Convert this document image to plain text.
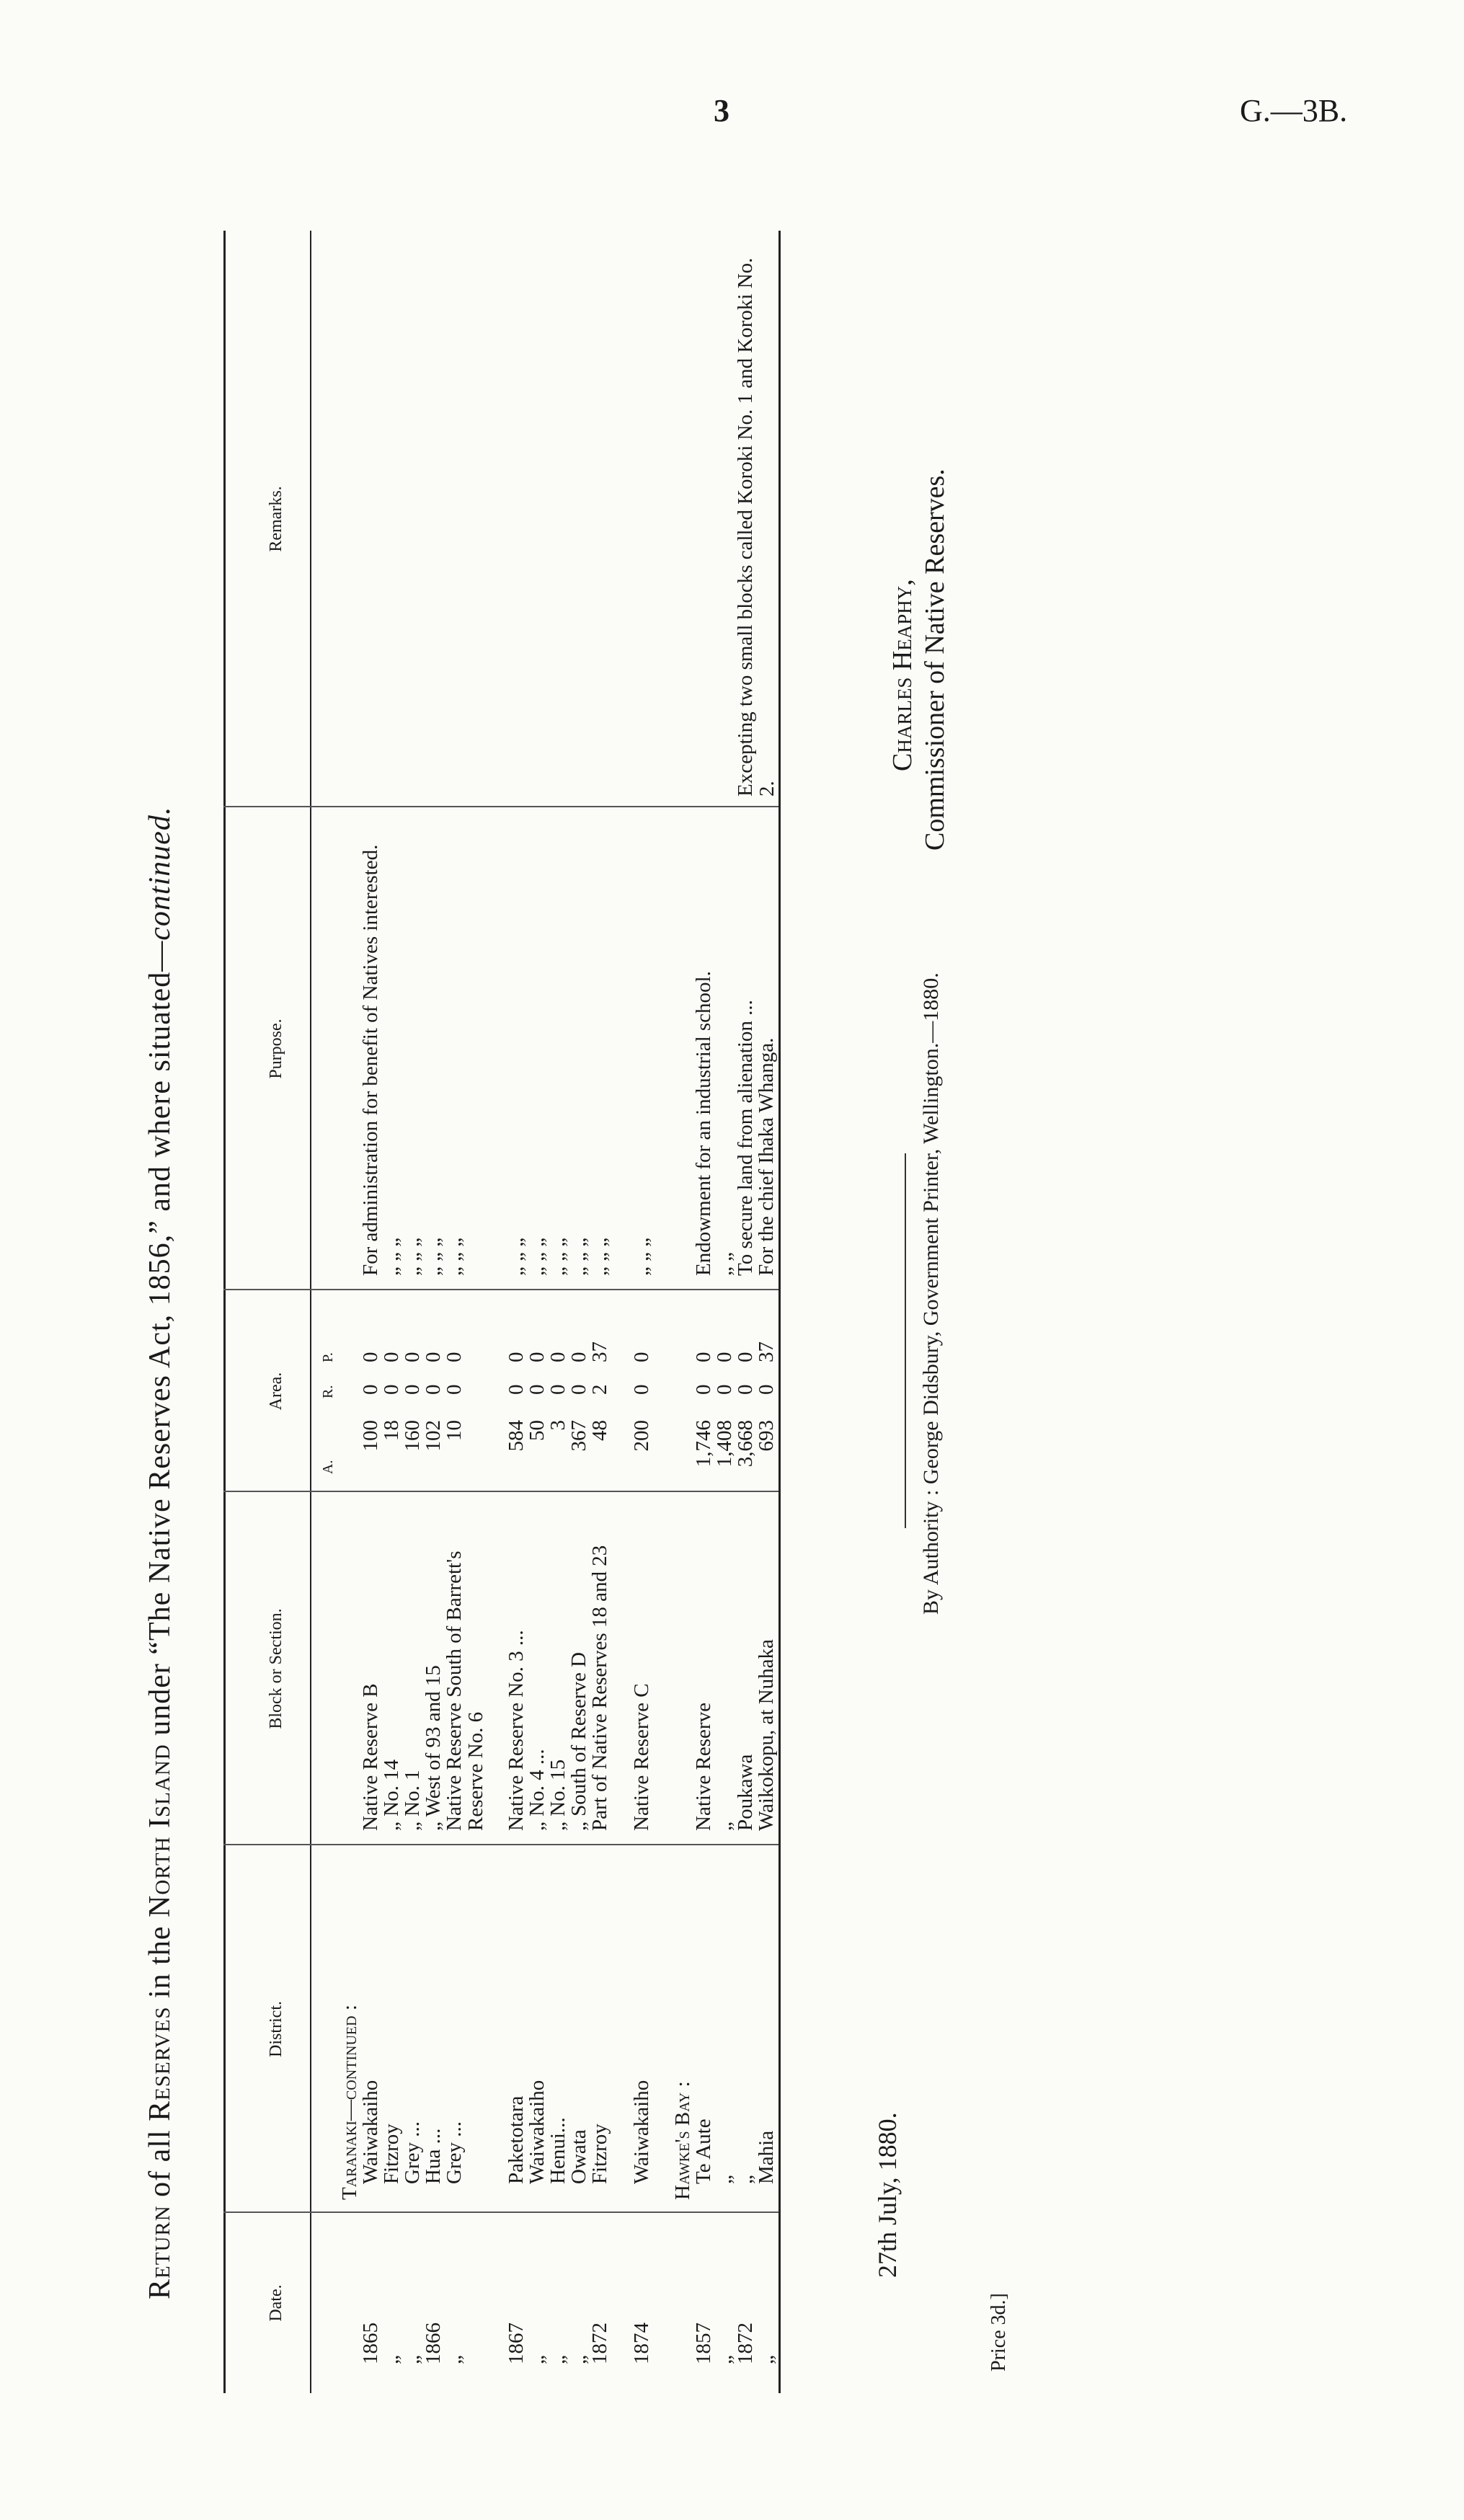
3	G.—3B.
Return of all Reserves in the North Island under “The Native Reserves Act, 1856,” and where situated—continued.
Date.
District.
Block or Section.
Area.
Purpose.
Remarks.
A.
R.
P.
Taranaki—continued :
1865
Waiwakaiho
Native Reserve B
100
0
0
For administration for benefit of Natives interested.
„
Fitzroy
„ No. 14
18
0
0
„ „ „
„
Grey ...
„ No. 1
160
0
0
„ „ „
1866
Hua ...
„ West of 93 and 15
102
0
0
„ „ „
„
Grey ...
Native Reserve South of Barrett's Reserve No. 6
10
0
0
„ „ „
1867
Paketotara
Native Reserve No. 3 ...
584
0
0
„ „ „
„
Waiwakaiho
„ No. 4 ...
50
0
0
„ „ „
„
Henui...
„ No. 15
3
0
0
„ „ „
„
Owata
„ South of Reserve D
367
0
0
„ „ „
1872
Fitzroy
Part of Native Reserves 18 and 23
48
2
37
„ „ „
1874
Waiwakaiho
Native Reserve C
200
0
0
„ „ „
Hawke's Bay :
1857
Te Aute
Native Reserve
1,746
0
0
Endowment for an industrial school.
„
„
„
1,408
0
0
„ „
1872
„
Poukawa
3,668
0
0
To secure land from alienation ...
Excepting two small blocks called Koroki No. 1 and Koroki No. 2.
„
Mahia
Waikokopu, at Nuhaka
693
0
37
For the chief Ihaka Whanga.
27th July, 1880.
By Authority : George Didsbury, Government Printer, Wellington.—1880.
Charles Heaphy, Commissioner of Native Reserves.
Price 3d.]
